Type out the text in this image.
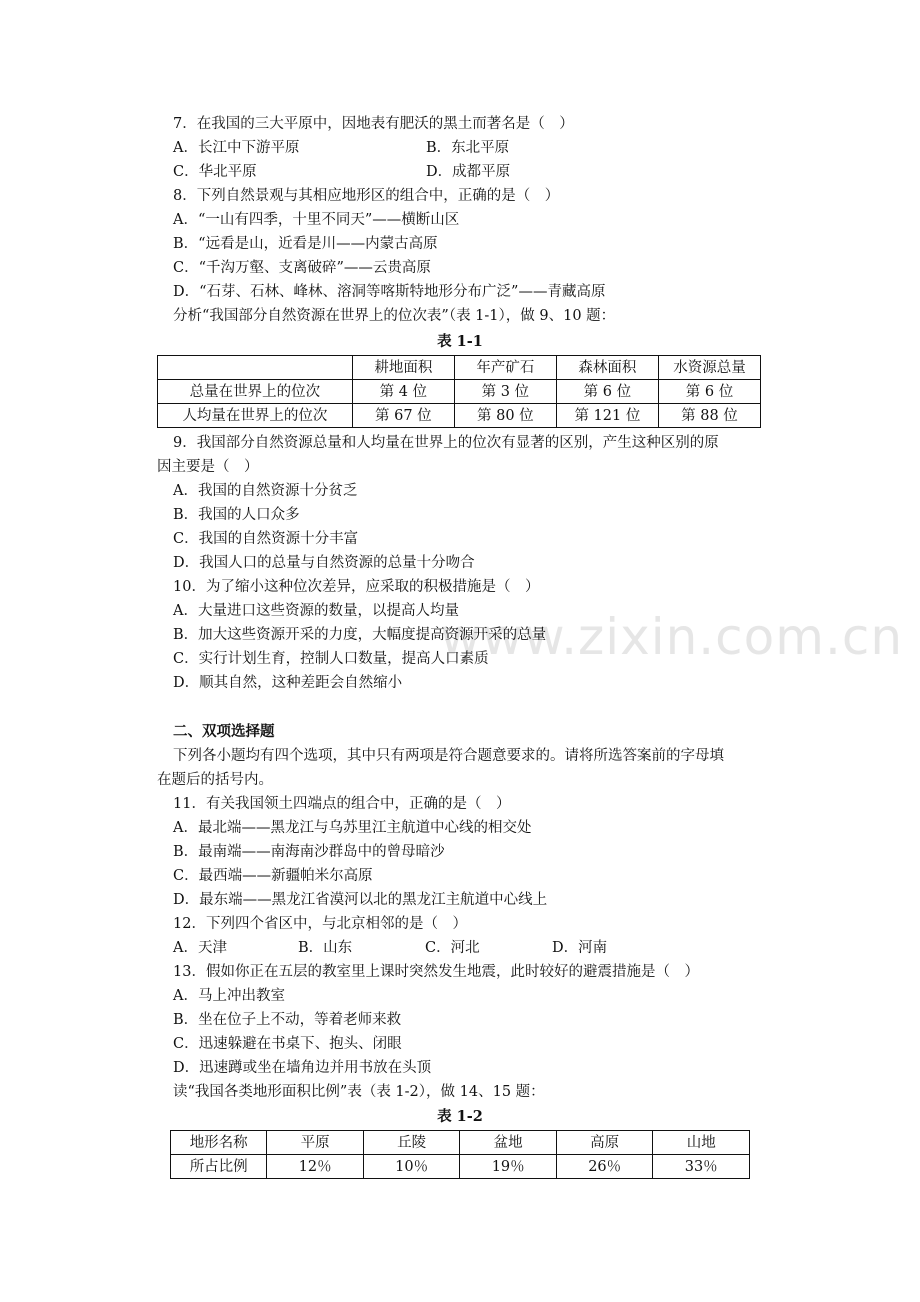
www.zixin.com.cn
7．在我国的三大平原中，因地表有肥沃的黑土而著名是（　）
A．长江中下游平原	B．东北平原
C．华北平原	D．成都平原
8．下列自然景观与其相应地形区的组合中，正确的是（　）
A．“一山有四季，十里不同天”——横断山区
B．“远看是山，近看是川——内蒙古高原
C．“千沟万壑、支离破碎”——云贵高原
D．“石芽、石林、峰林、溶洞等喀斯特地形分布广泛”——青藏高原
分析“我国部分自然资源在世界上的位次表”（表 1-1），做 9、10 题：
表 1-1
	耕地面积	年产矿石	森林面积	水资源总量
总量在世界上的位次	第 4 位	第 3 位	第 6 位	第 6 位
人均量在世界上的位次	第 67 位	第 80 位	第 121 位	第 88 位
9．我国部分自然资源总量和人均量在世界上的位次有显著的区别，产生这种区别的原
因主要是（　）
A．我国的自然资源十分贫乏
B．我国的人口众多
C．我国的自然资源十分丰富
D．我国人口的总量与自然资源的总量十分吻合
10．为了缩小这种位次差异，应采取的积极措施是（　）
A．大量进口这些资源的数量，以提高人均量
B．加大这些资源开采的力度，大幅度提高资源开采的总量
C．实行计划生育，控制人口数量，提高人口素质
D．顺其自然，这种差距会自然缩小
二、双项选择题
下列各小题均有四个选项，其中只有两项是符合题意要求的。请将所选答案前的字母填
在题后的括号内。
11．有关我国领土四端点的组合中，正确的是（　）
A．最北端——黑龙江与乌苏里江主航道中心线的相交处
B．最南端——南海南沙群岛中的曾母暗沙
C．最西端——新疆帕米尔高原
D．最东端——黑龙江省漠河以北的黑龙江主航道中心线上
12．下列四个省区中，与北京相邻的是（　）
A．天津	B．山东	C．河北	D．河南
13．假如你正在五层的教室里上课时突然发生地震，此时较好的避震措施是（　）
A．马上冲出教室
B．坐在位子上不动，等着老师来救
C．迅速躲避在书桌下、抱头、闭眼
D．迅速蹲或坐在墙角边并用书放在头顶
读“我国各类地形面积比例”表（表 1-2），做 14、15 题：
表 1-2
地形名称	平原	丘陵	盆地	高原	山地
所占比例	12％	10％	19％	26％	33％
